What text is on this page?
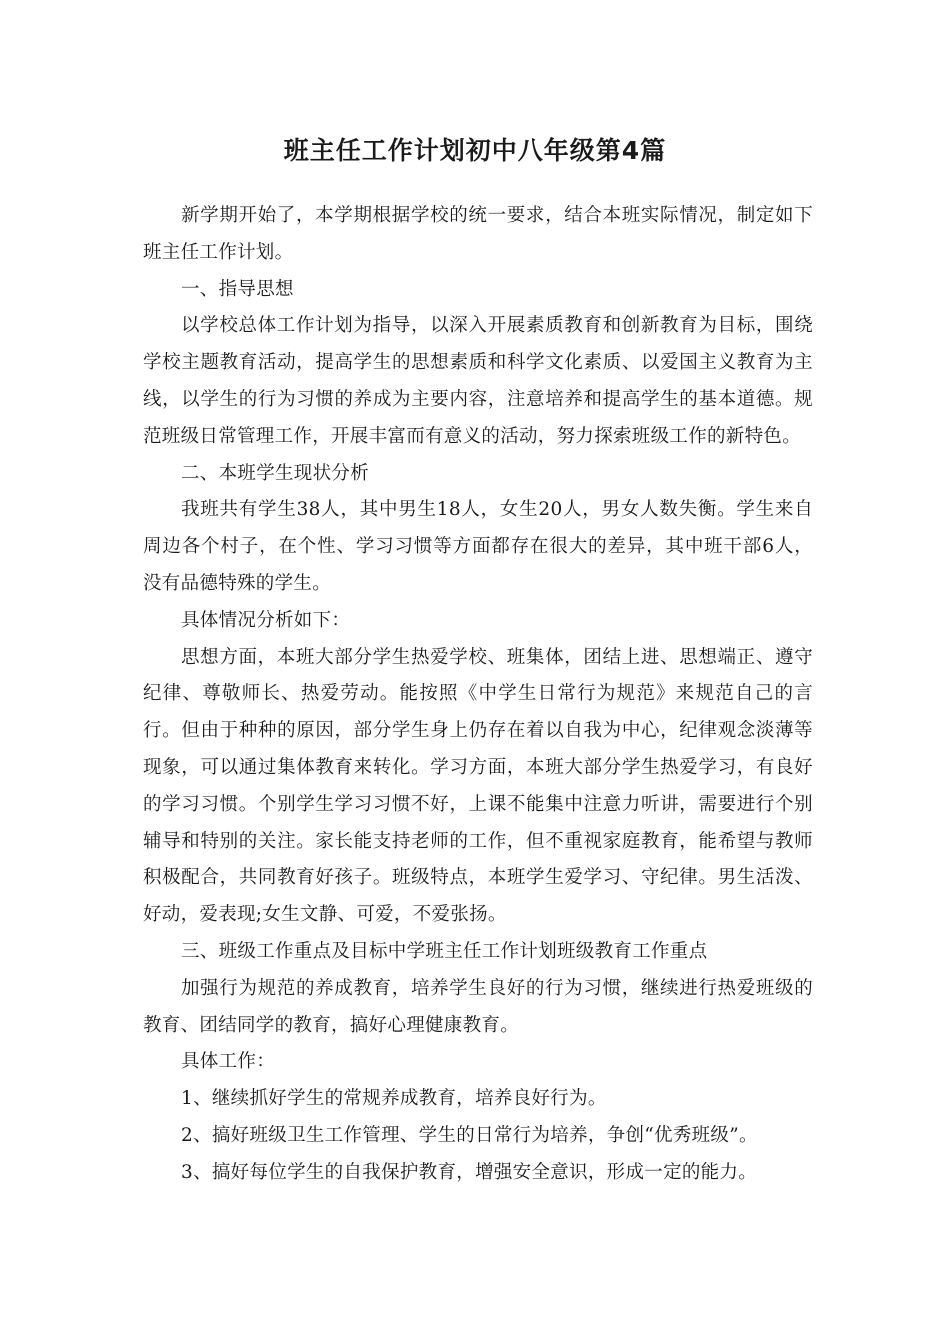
班主任工作计划初中八年级第4篇

新学期开始了，本学期根据学校的统一要求，结合本班实际情况，制定如下班主任工作计划。

一、指导思想

以学校总体工作计划为指导，以深入开展素质教育和创新教育为目标，围绕学校主题教育活动，提高学生的思想素质和科学文化素质、以爱国主义教育为主线，以学生的行为习惯的养成为主要内容，注意培养和提高学生的基本道德。规范班级日常管理工作，开展丰富而有意义的活动，努力探索班级工作的新特色。

二、本班学生现状分析

我班共有学生38人，其中男生18人，女生20人，男女人数失衡。学生来自周边各个村子，在个性、学习习惯等方面都存在很大的差异，其中班干部6人，没有品德特殊的学生。

具体情况分析如下：

思想方面，本班大部分学生热爱学校、班集体，团结上进、思想端正、遵守纪律、尊敬师长、热爱劳动。能按照《中学生日常行为规范》来规范自己的言行。但由于种种的原因，部分学生身上仍存在着以自我为中心，纪律观念淡薄等现象，可以通过集体教育来转化。学习方面，本班大部分学生热爱学习，有良好的学习习惯。个别学生学习习惯不好，上课不能集中注意力听讲，需要进行个别辅导和特别的关注。家长能支持老师的工作，但不重视家庭教育，能希望与教师积极配合，共同教育好孩子。班级特点，本班学生爱学习、守纪律。男生活泼、好动，爱表现;女生文静、可爱，不爱张扬。

三、班级工作重点及目标中学班主任工作计划班级教育工作重点

加强行为规范的养成教育，培养学生良好的行为习惯，继续进行热爱班级的教育、团结同学的教育，搞好心理健康教育。

具体工作：

1、继续抓好学生的常规养成教育，培养良好行为。

2、搞好班级卫生工作管理、学生的日常行为培养，争创“优秀班级”。

3、搞好每位学生的自我保护教育，增强安全意识，形成一定的能力。
